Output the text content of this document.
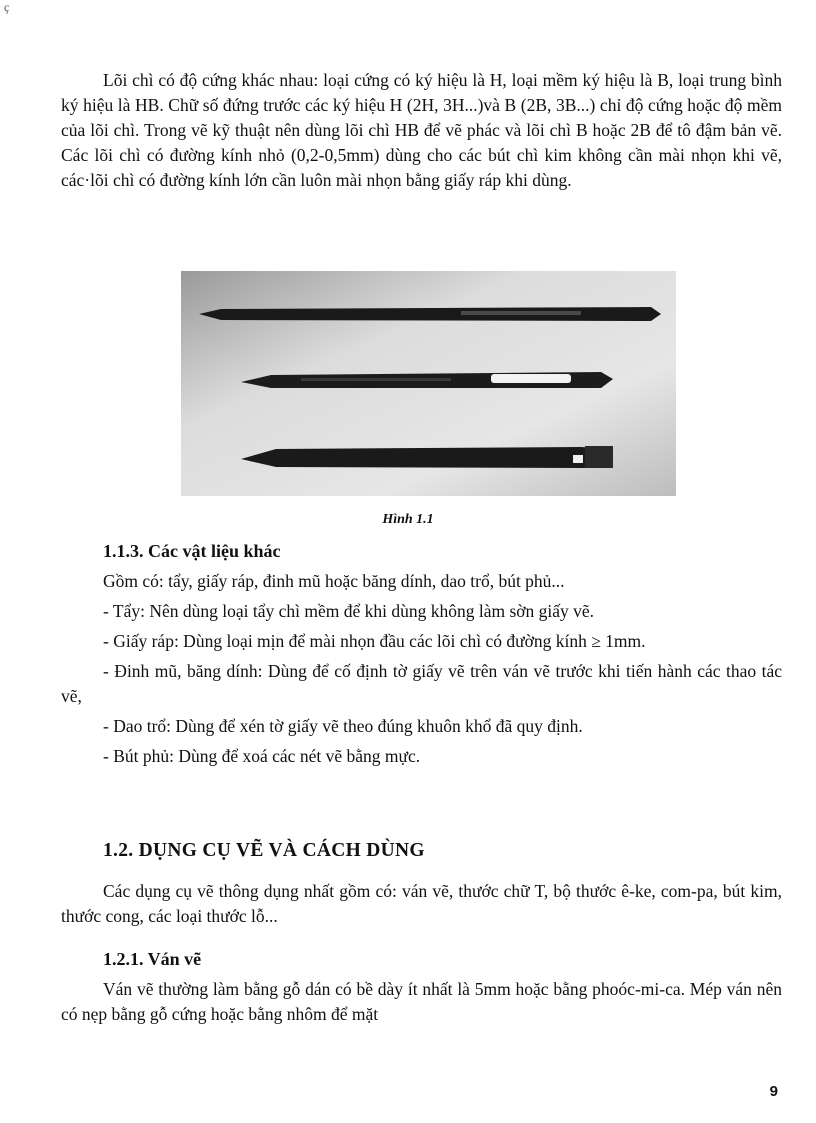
ç

Lõi chì có độ cứng khác nhau: loại cứng có ký hiệu là H, loại mềm ký hiệu là B, loại trung bình ký hiệu là HB. Chữ số đứng trước các ký hiệu H (2H, 3H...)và B (2B, 3B...) chỉ độ cứng hoặc độ mềm của lõi chì. Trong vẽ kỹ thuật nên dùng lõi chì HB để vẽ phác và lõi chì B hoặc 2B để tô đậm bản vẽ. Các lõi chì có đường kính nhỏ (0,2-0,5mm) dùng cho các bút chì kim không cần mài nhọn khi vẽ, các·lõi chì có đường kính lớn cần luôn mài nhọn bằng giấy ráp khi dùng.

Hình 1.1

1.1.3. Các vật liệu khác

Gồm có: tẩy, giấy ráp, đinh mũ hoặc băng dính, dao trổ, bút phủ...

- Tẩy: Nên dùng loại tẩy chì mềm để khi dùng không làm sờn giấy vẽ.

- Giấy ráp: Dùng loại mịn để mài nhọn đầu các lõi chì có đường kính ≥ 1mm.

- Đinh mũ, băng dính: Dùng để cố định tờ giấy vẽ trên ván vẽ trước khi tiến hành các thao tác vẽ,

- Dao trổ: Dùng để xén tờ giấy vẽ theo đúng khuôn khổ đã quy định.

- Bút phủ: Dùng để xoá các nét vẽ bằng mực.

1.2. DỤNG CỤ VẼ VÀ CÁCH DÙNG

Các dụng cụ vẽ thông dụng nhất gồm có: ván vẽ, thước chữ T, bộ thước ê-ke, com-pa, bút kim, thước cong, các loại thước lỗ...

1.2.1. Ván vẽ

Ván vẽ thường làm bằng gỗ dán có bề dày ít nhất là 5mm hoặc bằng phoóc-mi-ca. Mép ván nên có nẹp bằng gỗ cứng hoặc bằng nhôm để mặt

9
